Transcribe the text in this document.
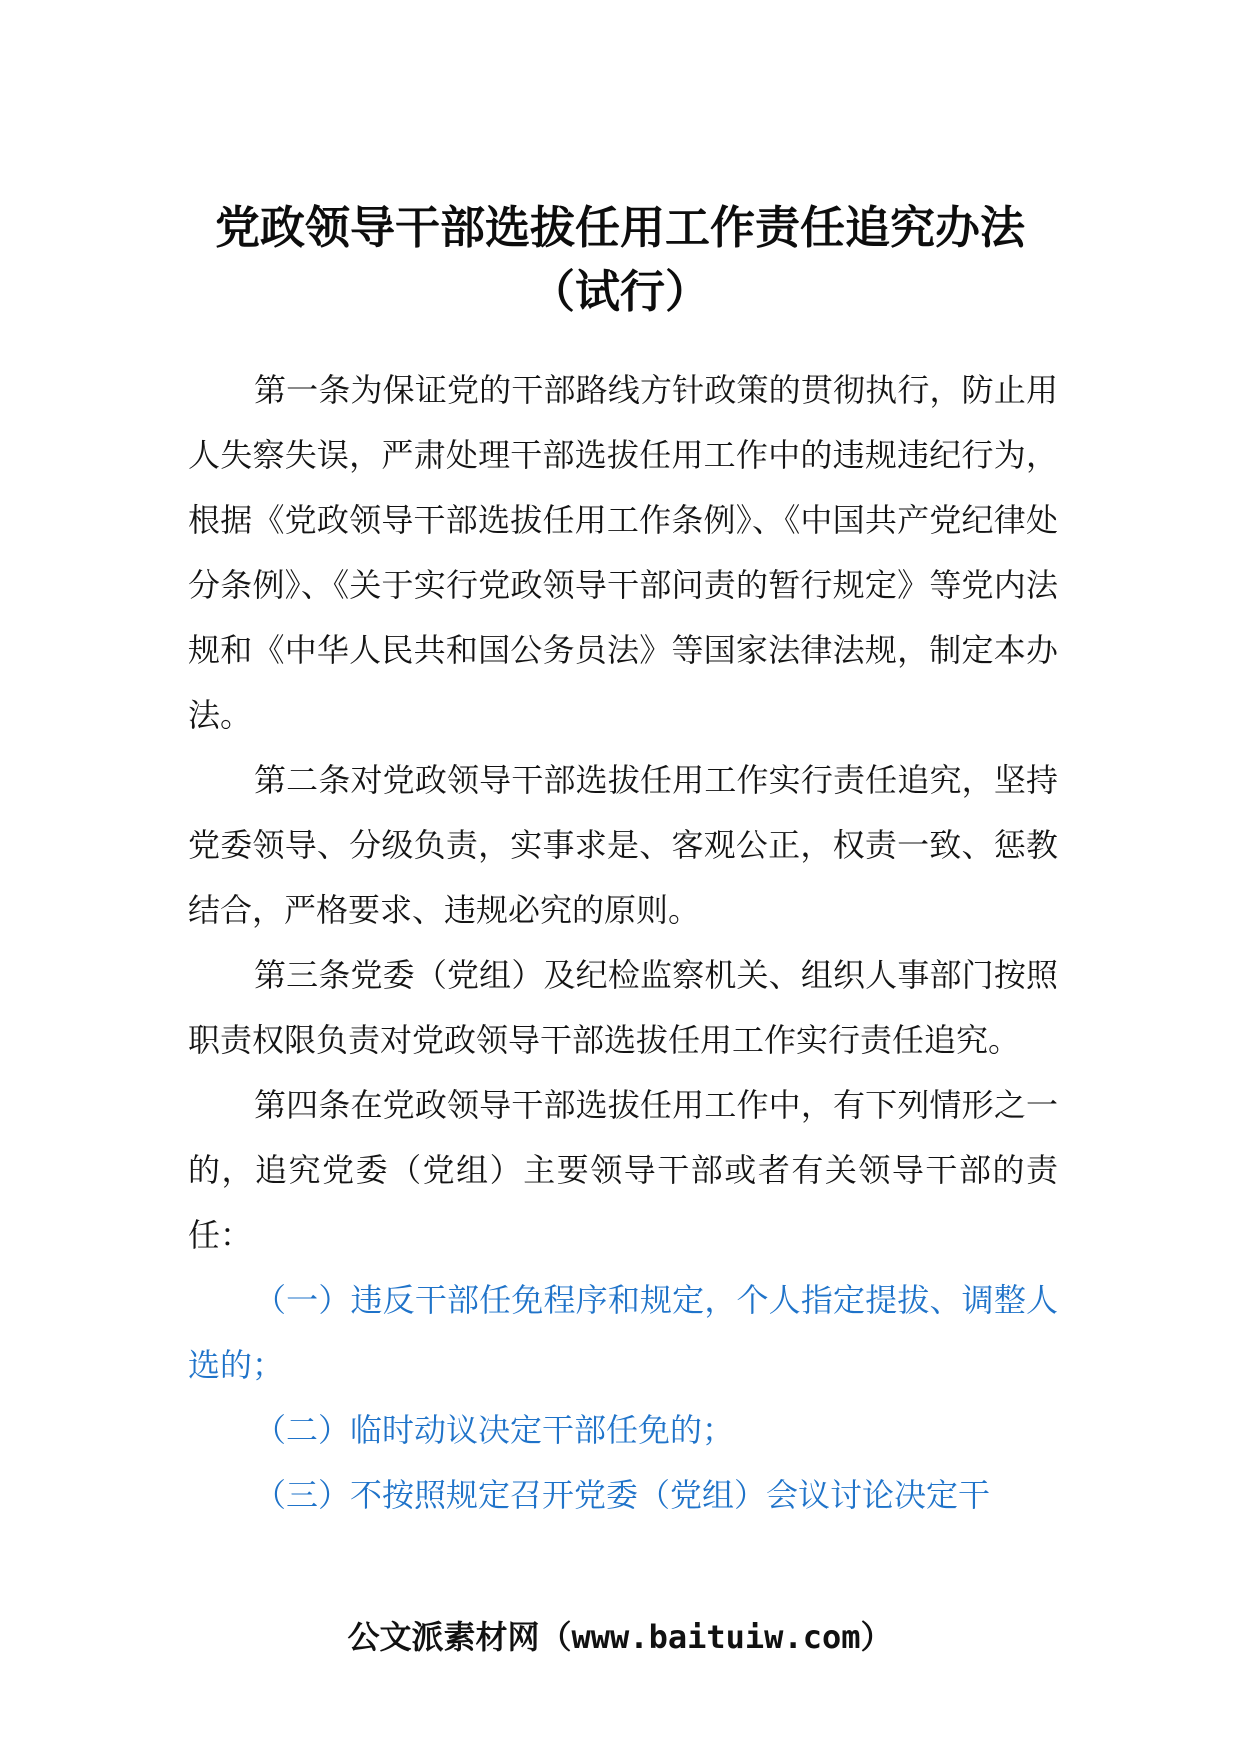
党政领导干部选拔任用工作责任追究办法
（试行）

第一条为保证党的干部路线方针政策的贯彻执行，防止用人失察失误，严肃处理干部选拔任用工作中的违规违纪行为，根据《党政领导干部选拔任用工作条例》、《中国共产党纪律处分条例》、《关于实行党政领导干部问责的暂行规定》等党内法规和《中华人民共和国公务员法》等国家法律法规，制定本办法。

第二条对党政领导干部选拔任用工作实行责任追究，坚持党委领导、分级负责，实事求是、客观公正，权责一致、惩教结合，严格要求、违规必究的原则。

第三条党委（党组）及纪检监察机关、组织人事部门按照职责权限负责对党政领导干部选拔任用工作实行责任追究。

第四条在党政领导干部选拔任用工作中，有下列情形之一的，追究党委（党组）主要领导干部或者有关领导干部的责任：

（一）违反干部任免程序和规定，个人指定提拔、调整人选的；

（二）临时动议决定干部任免的；

（三）不按照规定召开党委（党组）会议讨论决定干

公文派素材网（www.baituiw.com）
